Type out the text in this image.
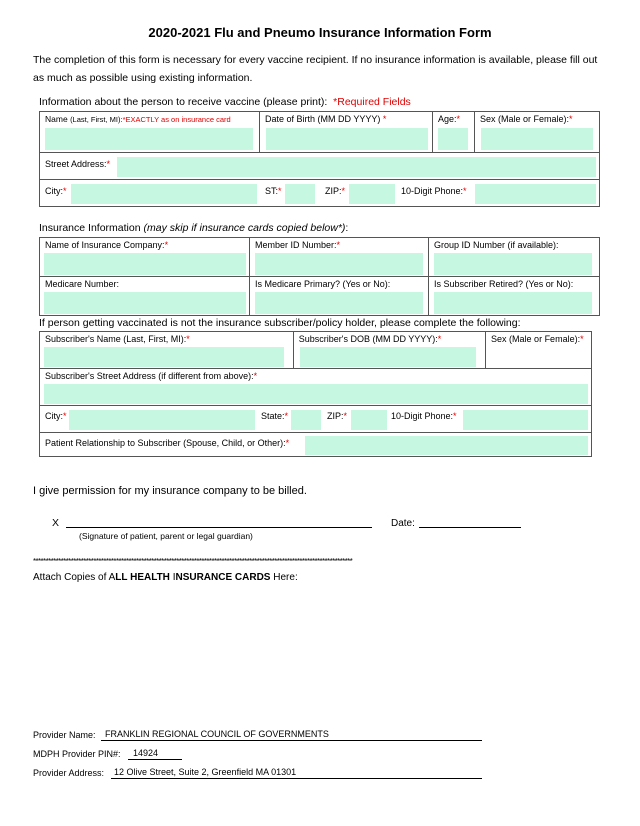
2020-2021 Flu and Pneumo Insurance Information Form
The completion of this form is necessary for every vaccine recipient. If no insurance information is available, please fill out as much as possible using existing information.
Information about the person to receive vaccine (please print): *Required Fields
Name (Last, First, MI):*EXACTLY as on insurance card	Date of Birth (MM DD YYYY) *	Age:*	Sex (Male or Female):*

Street Address:*

City:*	ST:*	ZIP:*	10-Digit Phone:*
Insurance Information (may skip if insurance cards copied below*):
Name of Insurance Company:*	Member ID Number:*	Group ID Number (if available):

Medicare Number:	Is Medicare Primary? (Yes or No):	Is Subscriber Retired? (Yes or No):
If person getting vaccinated is not the insurance subscriber/policy holder, please complete the following:
Subscriber's Name (Last, First, MI):*	Subscriber's DOB (MM DD YYYY):*	Sex (Male or Female):*
Subscriber's Street Address (if different from above):*

City:*	State:*	ZIP:*	10-Digit Phone:*

Patient Relationship to Subscriber (Spouse, Child, or Other):*
I give permission for my insurance company to be billed.
X
(Signature of patient, parent or legal guardian)
Date:
*******************************************************************************************************************************
Attach Copies of ALL HEALTH INSURANCE CARDS Here:
Provider Name: FRANKLIN REGIONAL COUNCIL OF GOVERNMENTS
MDPH Provider PIN#: 14924
Provider Address: 12 Olive Street, Suite 2, Greenfield MA 01301
